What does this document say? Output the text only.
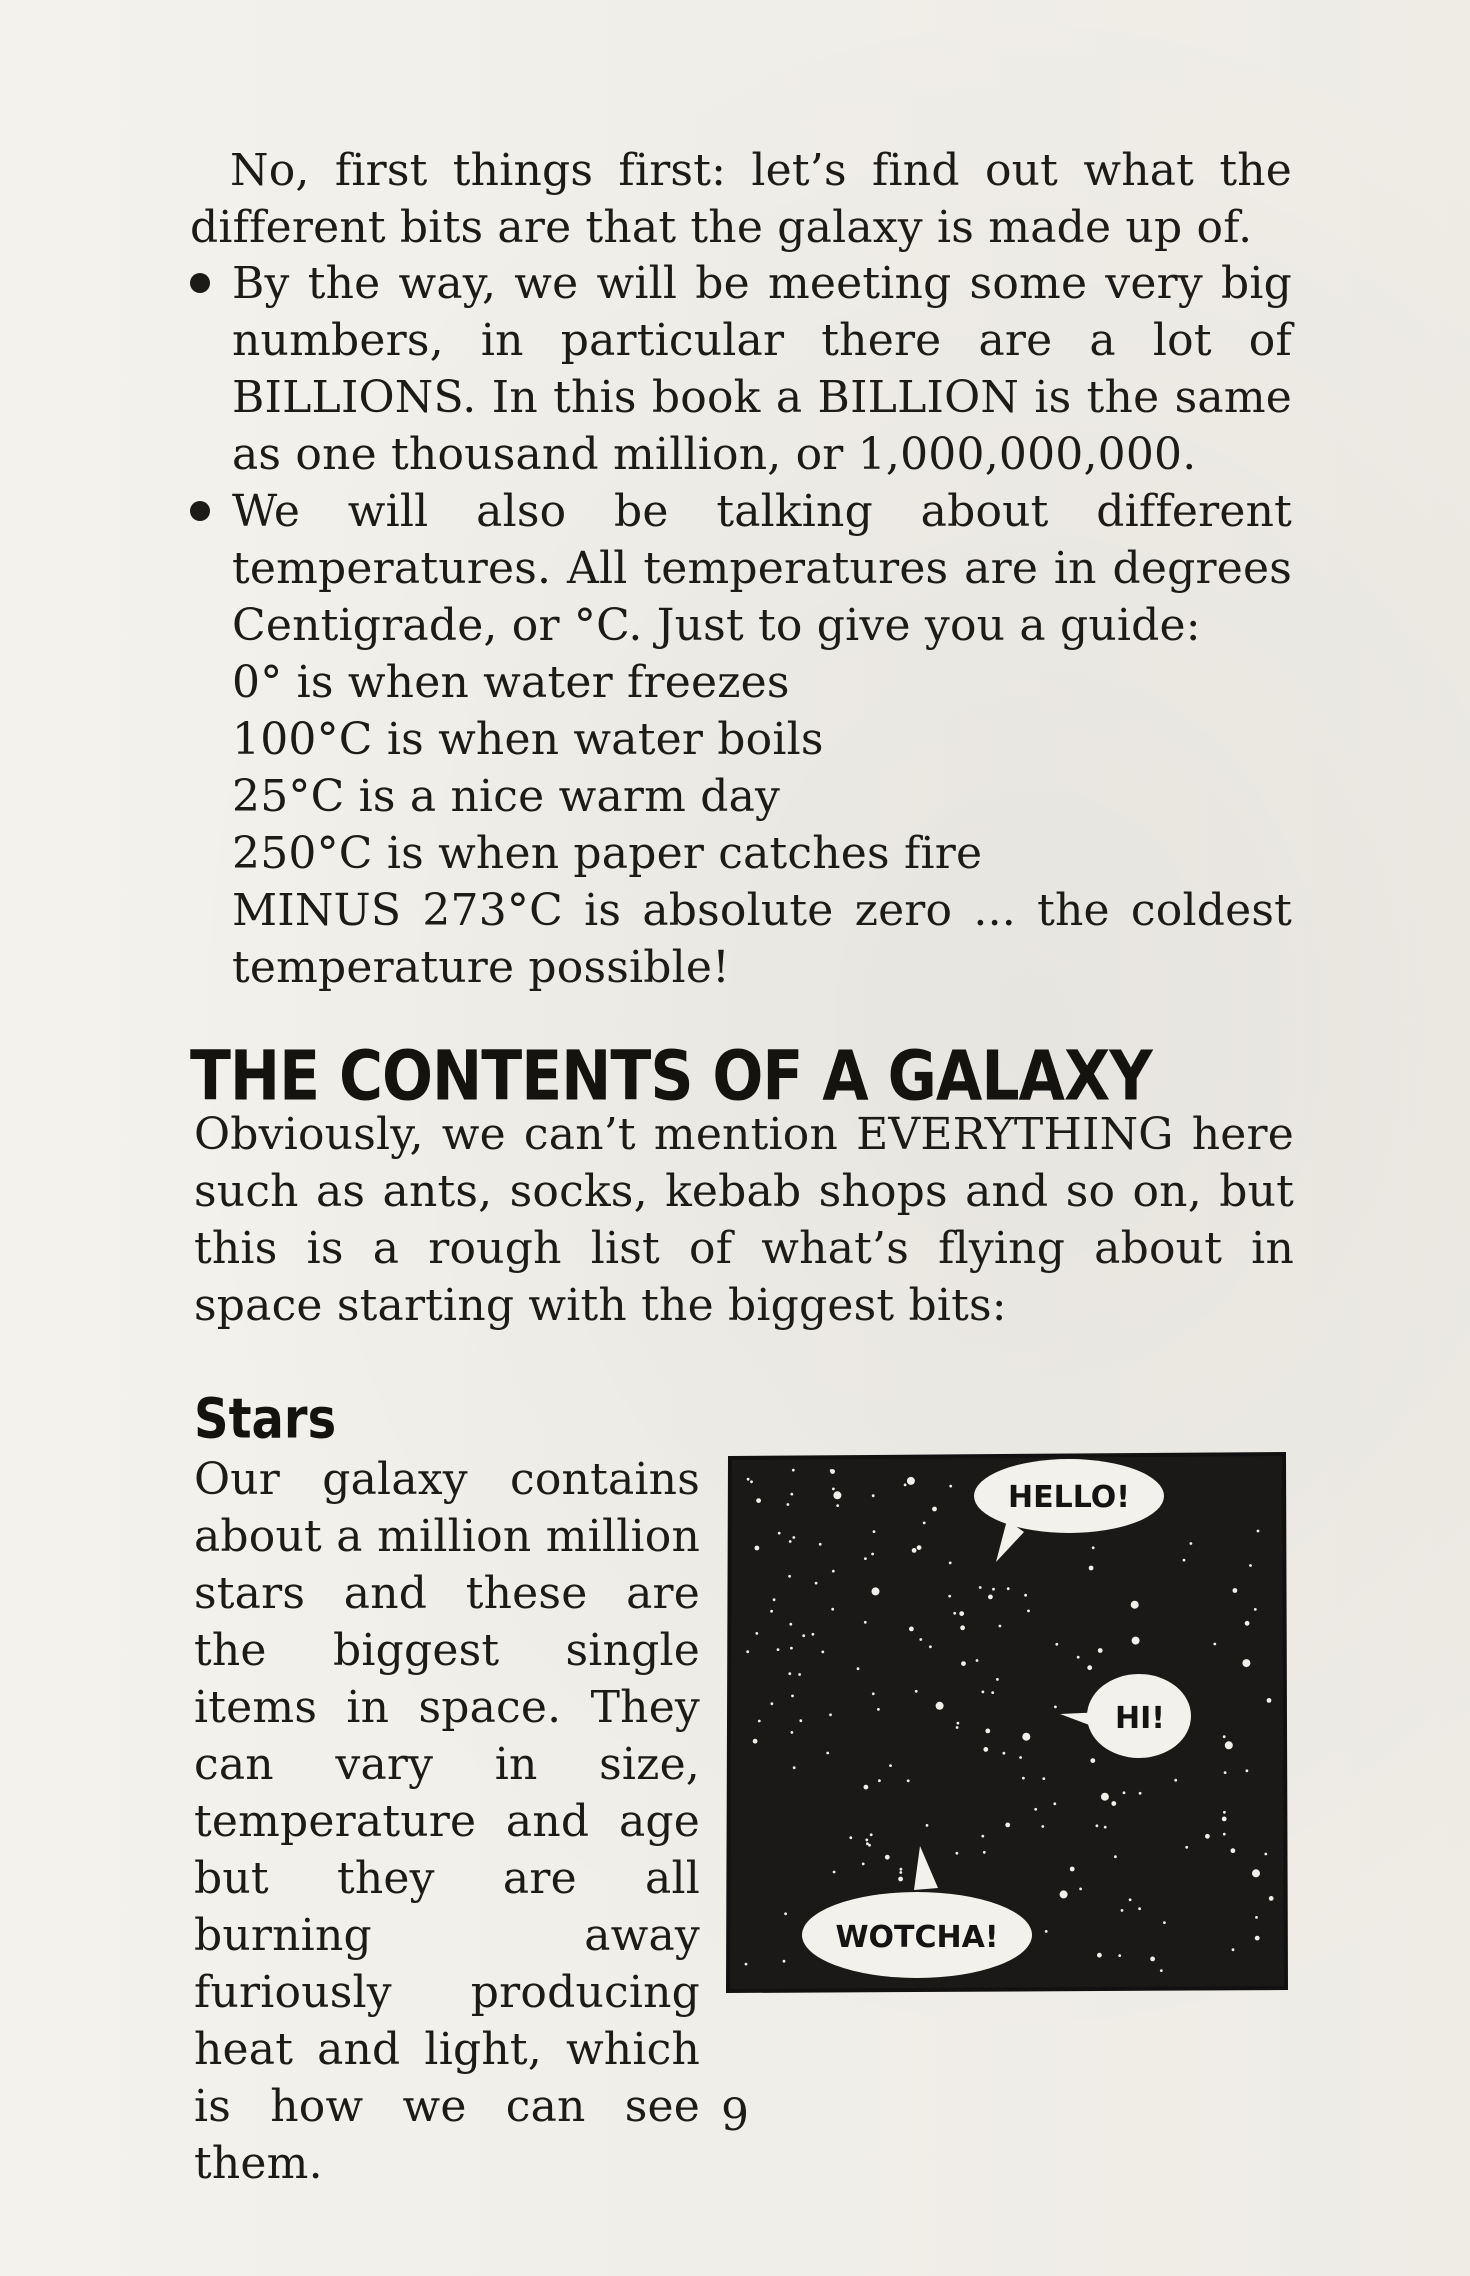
No, first things first: let’s find out what the different bits are that the galaxy is made up of.

By the way, we will be meeting some very big numbers, in particular there are a lot of BILLIONS. In this book a BILLION is the same as one thousand million, or 1,000,000,000.
We will also be talking about different temperatures. All temperatures are in degrees Centigrade, or °C. Just to give you a guide:
0° is when water freezes
100°C is when water boils
25°C is a nice warm day
250°C is when paper catches fire
MINUS 273°C is absolute zero ... the coldest temperature possible!
THE CONTENTS OF A GALAXY

Obviously, we can’t mention EVERYTHING here such as ants, socks, kebab shops and so on, but this is a rough list of what’s flying about in space starting with the biggest bits:

Stars

Our galaxy contains about a million million stars and these are the biggest single items in space. They can vary in size, temperature and age but they are all burning away furiously producing heat and light, which is how we can see them.

HELLO!
HI!
WOTCHA!
9
